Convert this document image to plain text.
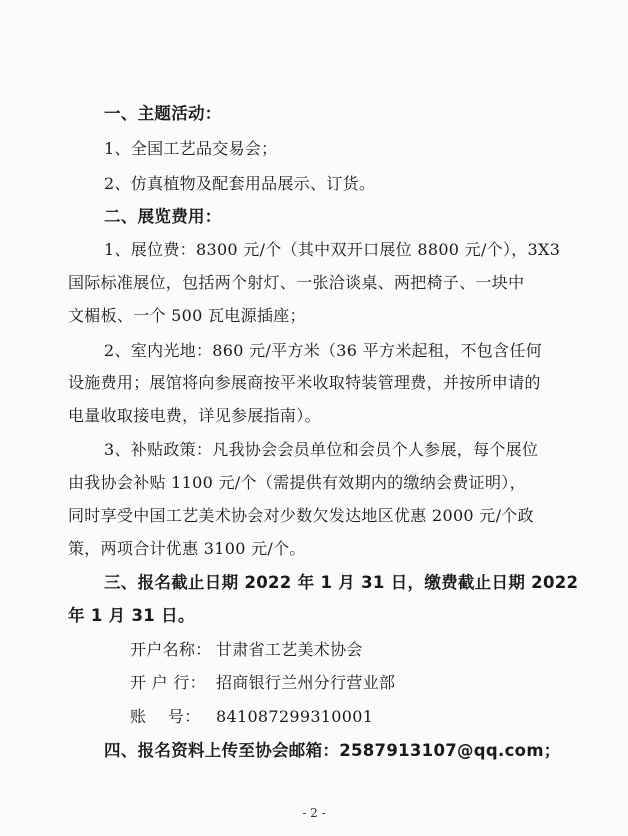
一、主题活动：
1、全国工艺品交易会；
2、仿真植物及配套用品展示、订货。
二、展览费用：
1、展位费：8300 元/个（其中双开口展位 8800 元/个），3X3
国际标准展位，包括两个射灯、一张洽谈桌、两把椅子、一块中
文楣板、一个 500 瓦电源插座；
2、室内光地：860 元/平方米（36 平方米起租，不包含任何
设施费用；展馆将向参展商按平米收取特装管理费，并按所申请的
电量收取接电费，详见参展指南）。
3、补贴政策：凡我协会会员单位和会员个人参展，每个展位
由我协会补贴 1100 元/个（需提供有效期内的缴纳会费证明），
同时享受中国工艺美术协会对少数欠发达地区优惠 2000 元/个政
策，两项合计优惠 3100 元/个。
三、报名截止日期 2022 年 1 月 31 日，缴费截止日期 2022
年 1 月 31 日。
开户名称： 甘肃省工艺美术协会
开 户 行： 招商银行兰州分行营业部
账    号： 841087299310001
四、报名资料上传至协会邮箱：2587913107@qq.com；
- 2 -
